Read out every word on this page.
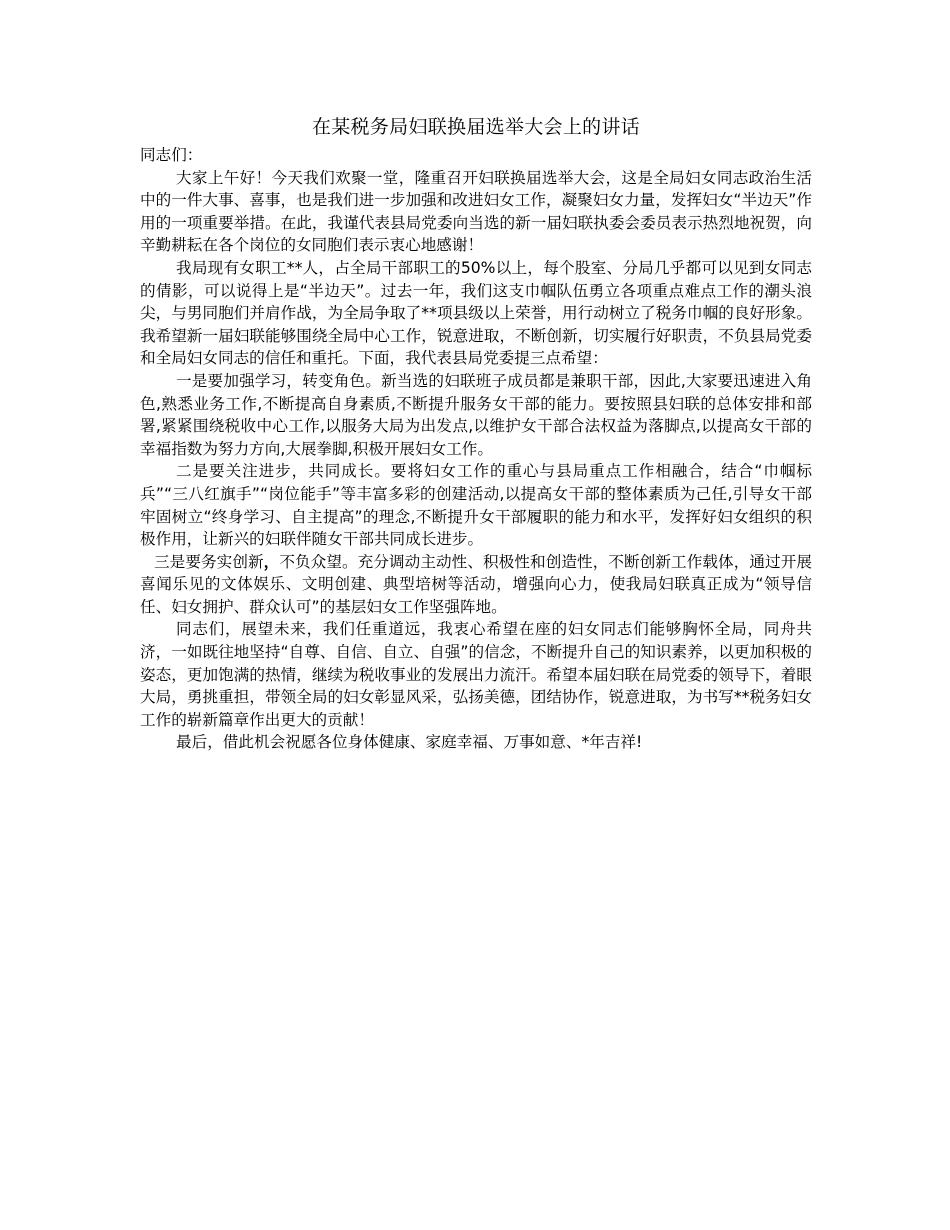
在某税务局妇联换届选举大会上的讲话

同志们：

大家上午好！今天我们欢聚一堂，隆重召开妇联换届选举大会，这是全局妇女同志政治生活中的一件大事、喜事，也是我们进一步加强和改进妇女工作，凝聚妇女力量，发挥妇女“半边天”作用的一项重要举措。在此，我谨代表县局党委向当选的新一届妇联执委会委员表示热烈地祝贺，向辛勤耕耘在各个岗位的女同胞们表示衷心地感谢！

我局现有女职工**人，占全局干部职工的50%以上，每个股室、分局几乎都可以见到女同志的倩影，可以说得上是“半边天”。过去一年，我们这支巾帼队伍勇立各项重点难点工作的潮头浪尖，与男同胞们并肩作战，为全局争取了**项县级以上荣誉，用行动树立了税务巾帼的良好形象。我希望新一届妇联能够围绕全局中心工作，锐意进取，不断创新，切实履行好职责，不负县局党委和全局妇女同志的信任和重托。下面，我代表县局党委提三点希望：

一是要加强学习，转变角色。新当选的妇联班子成员都是兼职干部，因此,大家要迅速进入角色,熟悉业务工作,不断提高自身素质,不断提升服务女干部的能力。要按照县妇联的总体安排和部署,紧紧围绕税收中心工作,以服务大局为出发点,以维护女干部合法权益为落脚点,以提高女干部的幸福指数为努力方向,大展拳脚,积极开展妇女工作。

二是要关注进步，共同成长。要将妇女工作的重心与县局重点工作相融合，结合“巾帼标兵”“三八红旗手”“岗位能手”等丰富多彩的创建活动,以提高女干部的整体素质为己任,引导女干部牢固树立“终身学习、自主提高”的理念,不断提升女干部履职的能力和水平，发挥好妇女组织的积极作用，让新兴的妇联伴随女干部共同成长进步。

三是要务实创新，不负众望。充分调动主动性、积极性和创造性，不断创新工作载体，通过开展喜闻乐见的文体娱乐、文明创建、典型培树等活动，增强向心力，使我局妇联真正成为“领导信任、妇女拥护、群众认可”的基层妇女工作坚强阵地。

同志们，展望未来，我们任重道远，我衷心希望在座的妇女同志们能够胸怀全局，同舟共济，一如既往地坚持“自尊、自信、自立、自强”的信念，不断提升自己的知识素养，以更加积极的姿态，更加饱满的热情，继续为税收事业的发展出力流汗。希望本届妇联在局党委的领导下，着眼大局，勇挑重担，带领全局的妇女彰显风采，弘扬美德，团结协作，锐意进取，为书写**税务妇女工作的崭新篇章作出更大的贡献！

最后，借此机会祝愿各位身体健康、家庭幸福、万事如意、*年吉祥!
